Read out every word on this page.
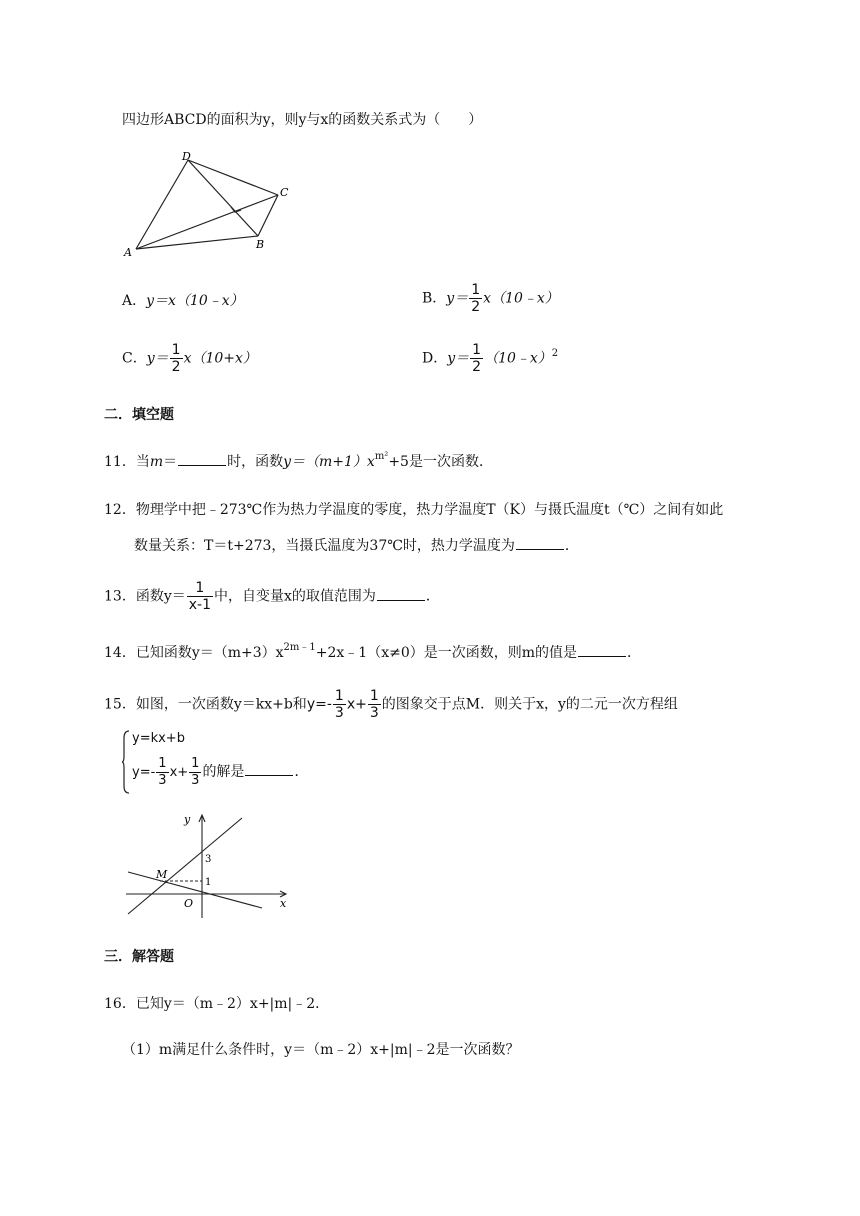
四边形ABCD的面积为y，则y与x的函数关系式为（　　）
A
D
C
B
A．y＝x（10﹣x）	B．$y= \frac{1}{2}$ x（10﹣x）
C．$y= \frac{1}{2} x(10+x)$	D．$y= \frac{1}{2}$ （10﹣x）$^2$
二．填空题
11．当m＝	时，函数$y=(m+1)x^{m^2}+5$是一次函数．
12．物理学中把﹣273℃作为热力学温度的零度，热力学温度T（K）与摄氏温度t（℃）之间有如此
数量关系：T＝t+273，当摄氏温度为37℃时，热力学温度为	．
13．函数$y= \frac{1}{x-1}$ 中，自变量x的取值范围为	．
14．已知函数$y=(m+3)x^{2m﹣1}+2x﹣1(x\ne 0)$是一次函数，则m的值是	．
15．如图，一次函数y＝kx+b和$y=- \frac{1}{3} x+ \frac{1}{3}$ 的图象交于点M．则关于x，y的二元一次方程组
y=kx+b
$y=- \frac{1}{3} x+ \frac{1}{3}$ 的解是	．
y
x
O
M
3
1
三．解答题
16．已知y＝（m﹣2）x+|m|﹣2．
（1）m满足什么条件时，y＝（m﹣2）x+|m|﹣2是一次函数？
